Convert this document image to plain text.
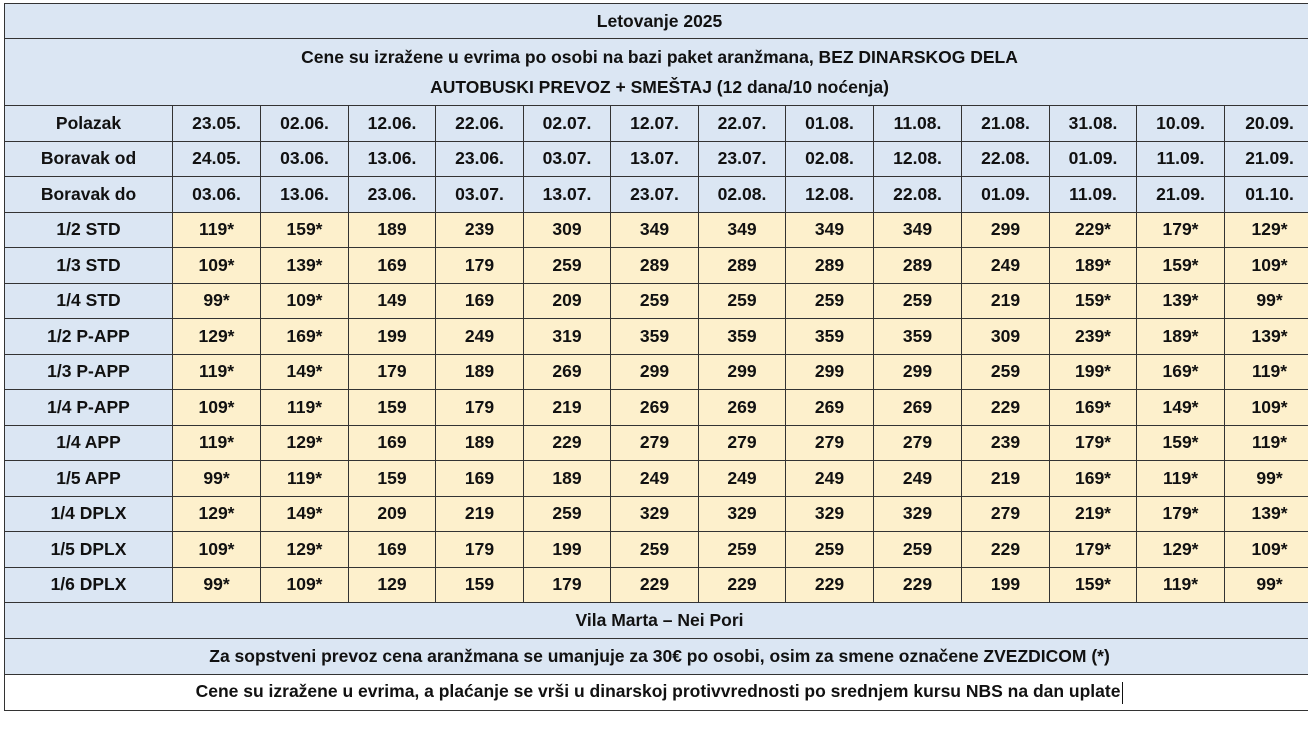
Letovanje 2025													

Cene su izražene u evrima po osobi na bazi paket aranžmana, BEZ DINARSKOG DELA
AUTOBUSKI PREVOZ + SMEŠTAJ (12 dana/10 noćenja)													

Polazak	23.05.	02.06.	12.06.	22.06.	02.07.	12.07.	22.07.	01.08.	11.08.	21.08.	31.08.	10.09.	20.09.
Boravak od	24.05.	03.06.	13.06.	23.06.	03.07.	13.07.	23.07.	02.08.	12.08.	22.08.	01.09.	11.09.	21.09.
Boravak do	03.06.	13.06.	23.06.	03.07.	13.07.	23.07.	02.08.	12.08.	22.08.	01.09.	11.09.	21.09.	01.10.
1/2 STD	119*	159*	189	239	309	349	349	349	349	299	229*	179*	129*
1/3 STD	109*	139*	169	179	259	289	289	289	289	249	189*	159*	109*
1/4 STD	99*	109*	149	169	209	259	259	259	259	219	159*	139*	99*
1/2 P-APP	129*	169*	199	249	319	359	359	359	359	309	239*	189*	139*
1/3 P-APP	119*	149*	179	189	269	299	299	299	299	259	199*	169*	119*
1/4 P-APP	109*	119*	159	179	219	269	269	269	269	229	169*	149*	109*
1/4 APP	119*	129*	169	189	229	279	279	279	279	239	179*	159*	119*
1/5 APP	99*	119*	159	169	189	249	249	249	249	219	169*	119*	99*
1/4 DPLX	129*	149*	209	219	259	329	329	329	329	279	219*	179*	139*
1/5 DPLX	109*	129*	169	179	199	259	259	259	259	229	179*	129*	109*
1/6 DPLX	99*	109*	129	159	179	229	229	229	229	199	159*	119*	99*
Vila Marta – Nei Pori													
Za sopstveni prevoz cena aranžmana se umanjuje za 30€ po osobi, osim za smene označene ZVEZDICOM (*)													
Cene su izražene u evrima, a plaćanje se vrši u dinarskoj protivvrednosti po srednjem kursu NBS na dan uplate													
